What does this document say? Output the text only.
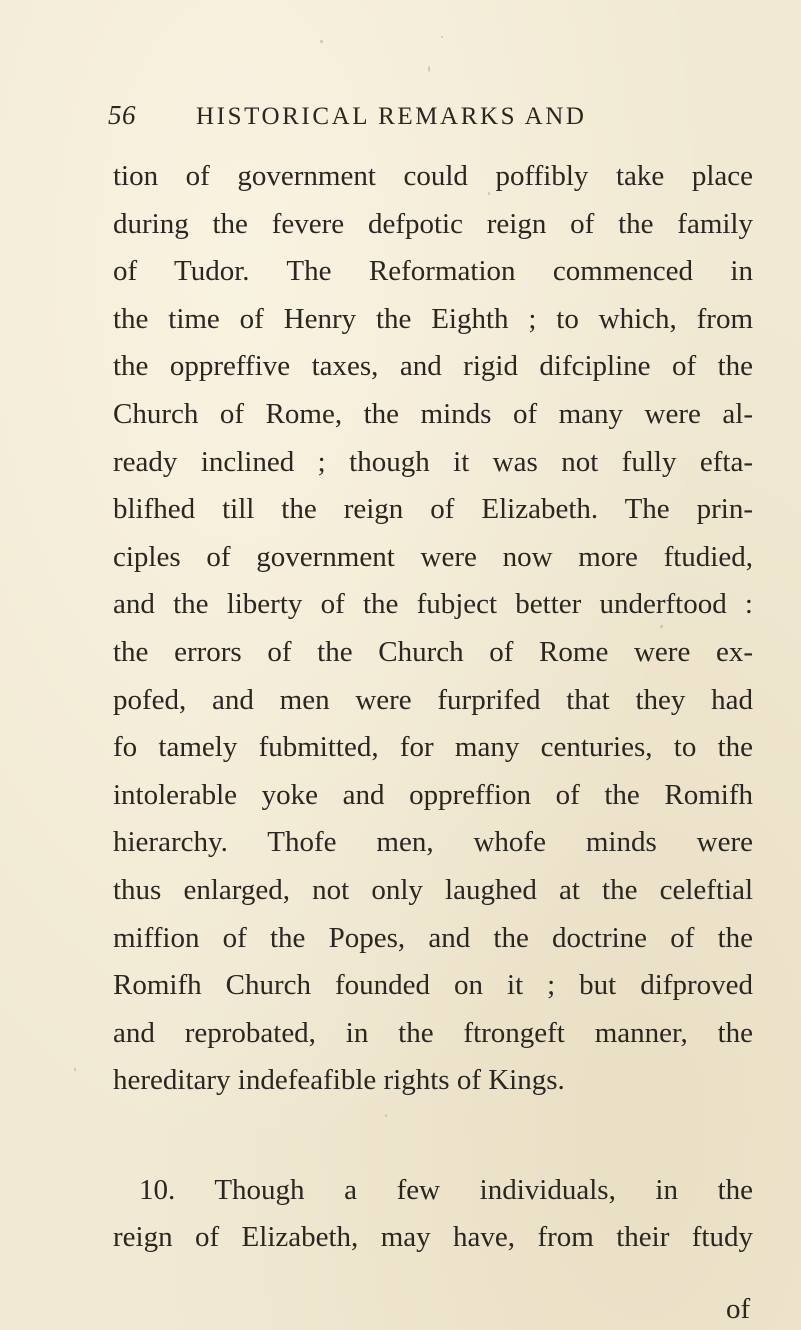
56	HISTORICAL REMARKS AND
tion of government could poffibly take place
during the fevere defpotic reign of the family
of Tudor. The Reformation commenced in
the time of Henry the Eighth ; to which, from
the oppreffive taxes, and rigid difcipline of the
Church of Rome, the minds of many were al-
ready inclined ; though it was not fully efta-
blifhed till the reign of Elizabeth. The prin-
ciples of government were now more ftudied,
and the liberty of the fubject better underftood :
the errors of the Church of Rome were ex-
pofed, and men were furprifed that they had
fo tamely fubmitted, for many centuries, to the
intolerable yoke and oppreffion of the Romifh
hierarchy. Thofe men, whofe minds were
thus enlarged, not only laughed at the celeftial
miffion of the Popes, and the doctrine of the
Romifh Church founded on it ; but difproved
and reprobated, in the ftrongeft manner, the
hereditary indefeafible rights of Kings.
10. Though a few individuals, in the
reign of Elizabeth, may have, from their ftudy
of
